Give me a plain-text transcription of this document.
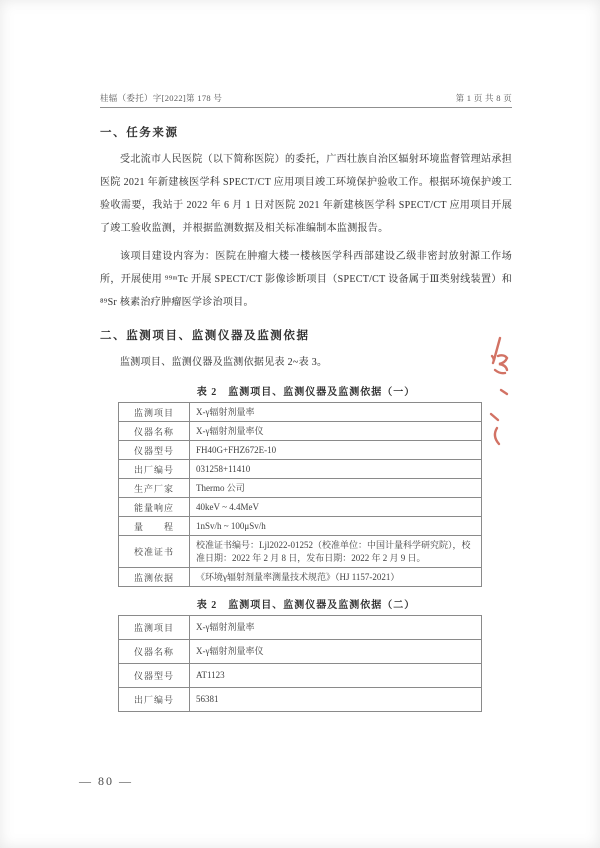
桂辐（委托）字[2022]第 178 号	第 1 页 共 8 页
一、任务来源

受北流市人民医院（以下简称医院）的委托，广西壮族自治区辐射环境监督管理站承担医院 2021 年新建核医学科 SPECT/CT 应用项目竣工环境保护验收工作。根据环境保护竣工验收需要，我站于 2022 年 6 月 1 日对医院 2021 年新建核医学科 SPECT/CT 应用项目开展了竣工验收监测，并根据监测数据及相关标准编制本监测报告。

该项目建设内容为：医院在肿瘤大楼一楼核医学科西部建设乙级非密封放射源工作场所，开展使用 ⁹⁹ᵐTc 开展 SPECT/CT 影像诊断项目（SPECT/CT 设备属于Ⅲ类射线装置）和 ⁸⁹Sr 核素治疗肿瘤医学诊治项目。

二、监测项目、监测仪器及监测依据

监测项目、监测仪器及监测依据见表 2~表 3。

表 2　监测项目、监测仪器及监测依据（一）
监测项目	X-γ辐射剂量率
仪器名称	X-γ辐射剂量率仪
仪器型号	FH40G+FHZ672E-10
出厂编号	031258+11410
生产厂家	Thermo 公司
能量响应	40keV ~ 4.4MeV
量　　程	1nSv/h ~ 100μSv/h
校准证书	校准证书编号：Ljl2022-01252（校准单位：中国计量科学研究院），校准日期：2022 年 2 月 8 日，发布日期：2022 年 2 月 9 日。
监测依据	《环境γ辐射剂量率测量技术规范》（HJ 1157-2021）
表 2　监测项目、监测仪器及监测依据（二）
监测项目	X-γ辐射剂量率
仪器名称	X-γ辐射剂量率仪
仪器型号	AT1123
出厂编号	56381
— 80 —
